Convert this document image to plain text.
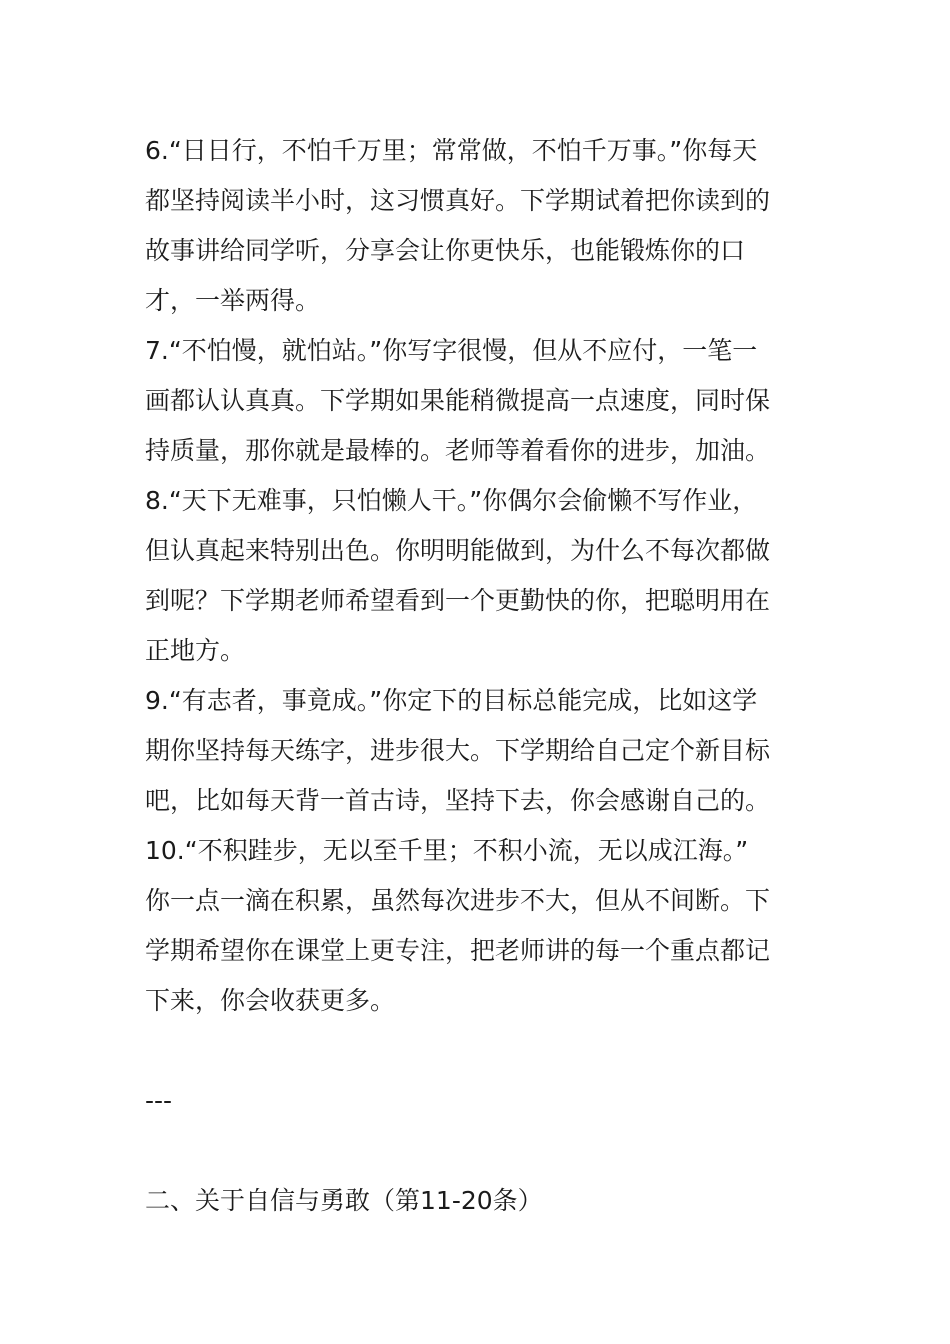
6.“日日行，不怕千万里；常常做，不怕千万事。”你每天
都坚持阅读半小时，这习惯真好。下学期试着把你读到的
故事讲给同学听，分享会让你更快乐，也能锻炼你的口
才，一举两得。
7.“不怕慢，就怕站。”你写字很慢，但从不应付，一笔一
画都认认真真。下学期如果能稍微提高一点速度，同时保
持质量，那你就是最棒的。老师等着看你的进步，加油。
8.“天下无难事，只怕懒人干。”你偶尔会偷懒不写作业，
但认真起来特别出色。你明明能做到，为什么不每次都做
到呢？下学期老师希望看到一个更勤快的你，把聪明用在
正地方。
9.“有志者，事竟成。”你定下的目标总能完成，比如这学
期你坚持每天练字，进步很大。下学期给自己定个新目标
吧，比如每天背一首古诗，坚持下去，你会感谢自己的。
10.“不积跬步，无以至千里；不积小流，无以成江海。”
你一点一滴在积累，虽然每次进步不大，但从不间断。下
学期希望你在课堂上更专注，把老师讲的每一个重点都记
下来，你会收获更多。
---
二、关于自信与勇敢（第11-20条）
